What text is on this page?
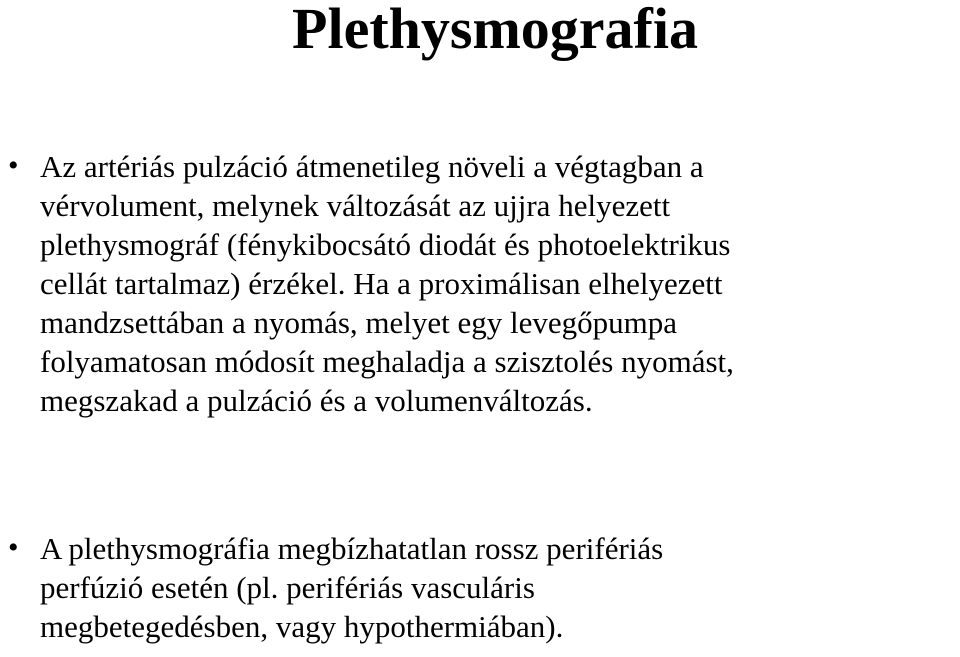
Plethysmografia
• Az artériás pulzáció átmenetileg növeli a végtagban a
vérvolument, melynek változását az ujjra helyezett
plethysmográf (fénykibocsátó diodát és photoelektrikus
cellát tartalmaz) érzékel. Ha a proximálisan elhelyezett
mandzsettában a nyomás, melyet egy levegőpumpa
folyamatosan módosít meghaladja a szisztolés nyomást,
megszakad a pulzáció és a volumenváltozás.
• A plethysmográfia megbízhatatlan rossz perifériás
perfúzió esetén (pl. perifériás vasculáris
megbetegedésben, vagy hypothermiában).
